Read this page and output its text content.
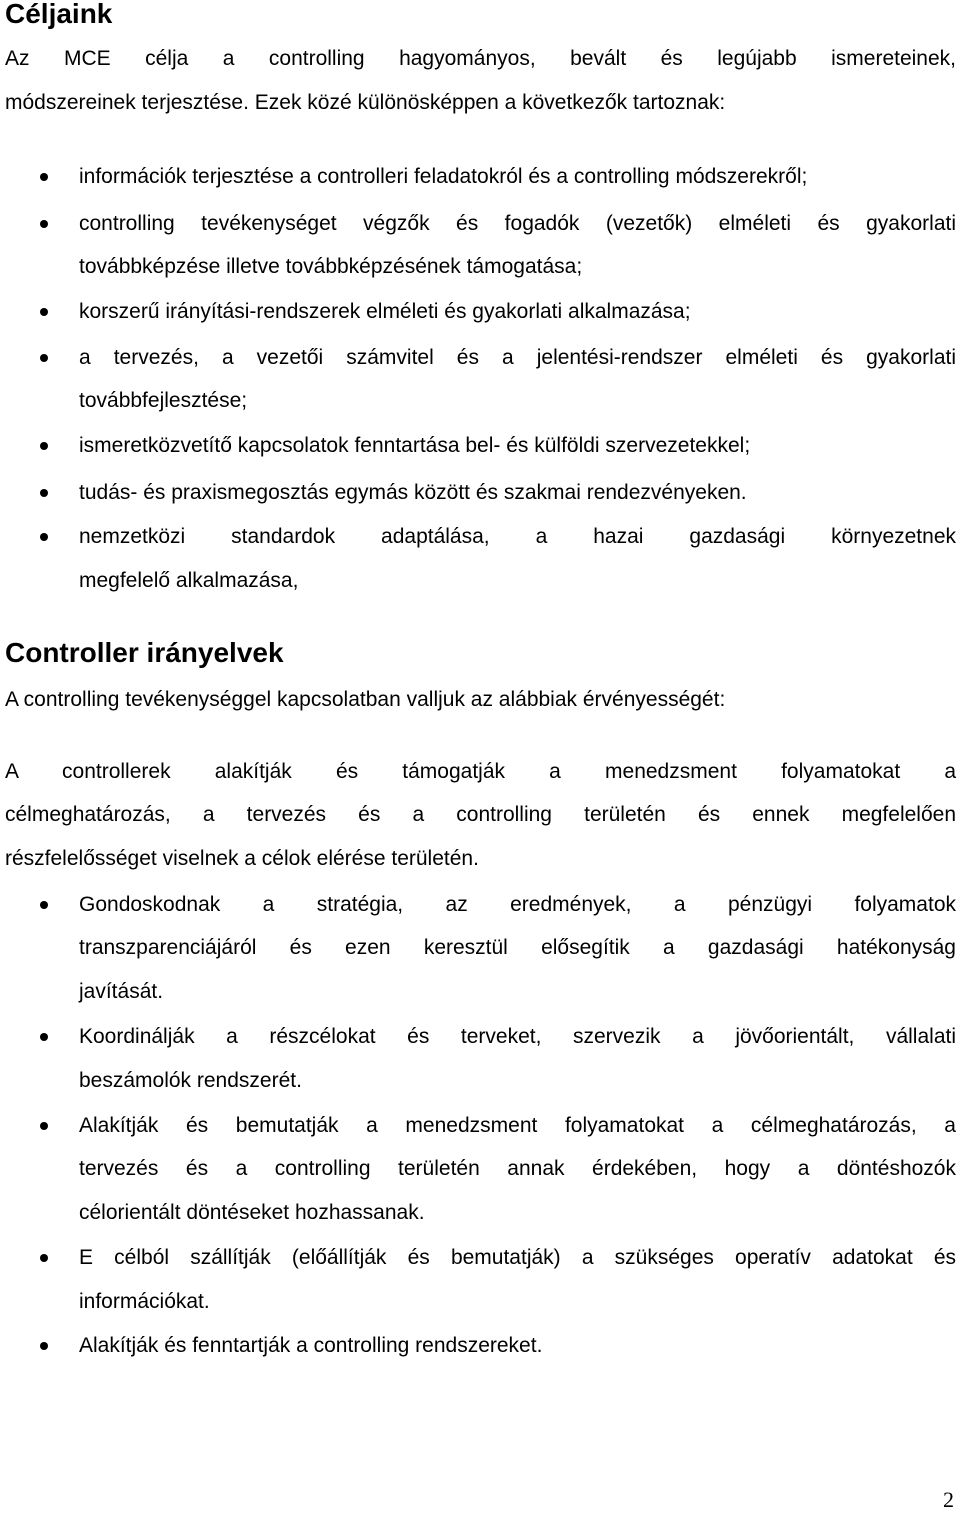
Céljaink
Az MCE célja a controlling hagyományos, bevált és legújabb ismereteinek,
módszereinek terjesztése. Ezek közé különösképpen a következők tartoznak:
információk terjesztése a controlleri feladatokról és a controlling módszerekről;
controlling tevékenységet végzők és fogadók (vezetők) elméleti és gyakorlati
továbbképzése illetve továbbképzésének támogatása;
korszerű irányítási-rendszerek elméleti és gyakorlati alkalmazása;
a tervezés, a vezetői számvitel és a jelentési-rendszer elméleti és gyakorlati
továbbfejlesztése;
ismeretközvetítő kapcsolatok fenntartása bel- és külföldi szervezetekkel;
tudás- és praxismegosztás egymás között és szakmai rendezvényeken.
nemzetközi standardok adaptálása, a hazai gazdasági környezetnek
megfelelő alkalmazása,
Controller irányelvek
A controlling tevékenységgel kapcsolatban valljuk az alábbiak érvényességét:
A controllerek alakítják és támogatják a menedzsment folyamatokat a
célmeghatározás, a tervezés és a controlling területén és ennek megfelelően
részfelelősséget viselnek a célok elérése területén.
Gondoskodnak a stratégia, az eredmények, a pénzügyi folyamatok
transzparenciájáról és ezen keresztül elősegítik a gazdasági hatékonyság
javítását.
Koordinálják a részcélokat és terveket, szervezik a jövőorientált, vállalati
beszámolók rendszerét.
Alakítják és bemutatják a menedzsment folyamatokat a célmeghatározás, a
tervezés és a controlling területén annak érdekében, hogy a döntéshozók
célorientált döntéseket hozhassanak.
E célból szállítják (előállítják és bemutatják) a szükséges operatív adatokat és
információkat.
Alakítják és fenntartják a controlling rendszereket.
2
